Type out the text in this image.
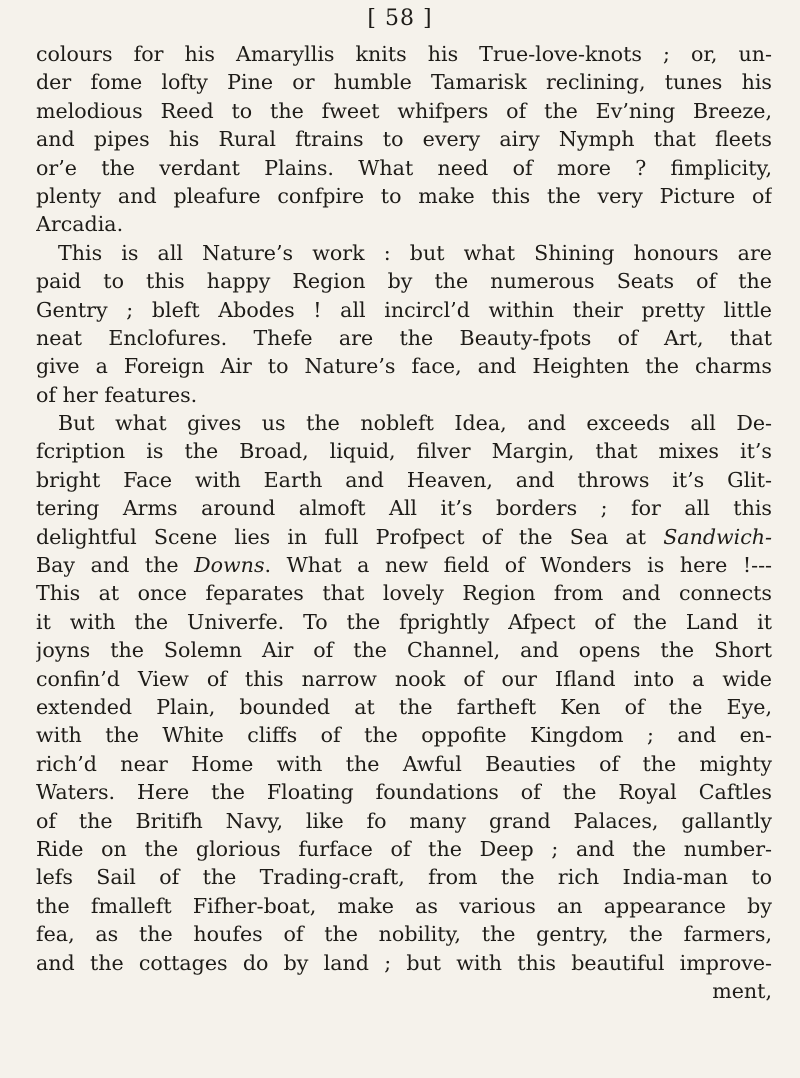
[ 58 ]
colours for his Amaryllis knits his True-love-knots ; or, un-
der fome lofty Pine or humble Tamarisk reclining, tunes his
melodious Reed to the fweet whifpers of the Ev’ning Breeze,
and pipes his Rural ftrains to every airy Nymph that fleets
or’e the verdant Plains. What need of more ? fimplicity,
plenty and pleafure confpire to make this the very Picture of
Arcadia.
This is all Nature’s work : but what Shining honours are
paid to this happy Region by the numerous Seats of the
Gentry ; bleft Abodes ! all incircl’d within their pretty little
neat Enclofures. Thefe are the Beauty-fpots of Art, that
give a Foreign Air to Nature’s face, and Heighten the charms
of her features.
But what gives us the nobleft Idea, and exceeds all De-
fcription is the Broad, liquid, filver Margin, that mixes it’s
bright Face with Earth and Heaven, and throws it’s Glit-
tering Arms around almoft All it’s borders ; for all this
delightful Scene lies in full Profpect of the Sea at Sandwich-
Bay and the Downs. What a new field of Wonders is here !---
This at once feparates that lovely Region from and connects
it with the Univerfe. To the fprightly Afpect of the Land it
joyns the Solemn Air of the Channel, and opens the Short
confin’d View of this narrow nook of our Ifland into a wide
extended Plain, bounded at the fartheft Ken of the Eye,
with the White cliffs of the oppofite Kingdom ; and en-
rich’d near Home with the Awful Beauties of the mighty
Waters. Here the Floating foundations of the Royal Caftles
of the Britifh Navy, like fo many grand Palaces, gallantly
Ride on the glorious furface of the Deep ; and the number-
lefs Sail of the Trading-craft, from the rich India-man to
the fmalleft Fifher-boat, make as various an appearance by
fea, as the houfes of the nobility, the gentry, the farmers,
and the cottages do by land ; but with this beautiful improve-
ment,
